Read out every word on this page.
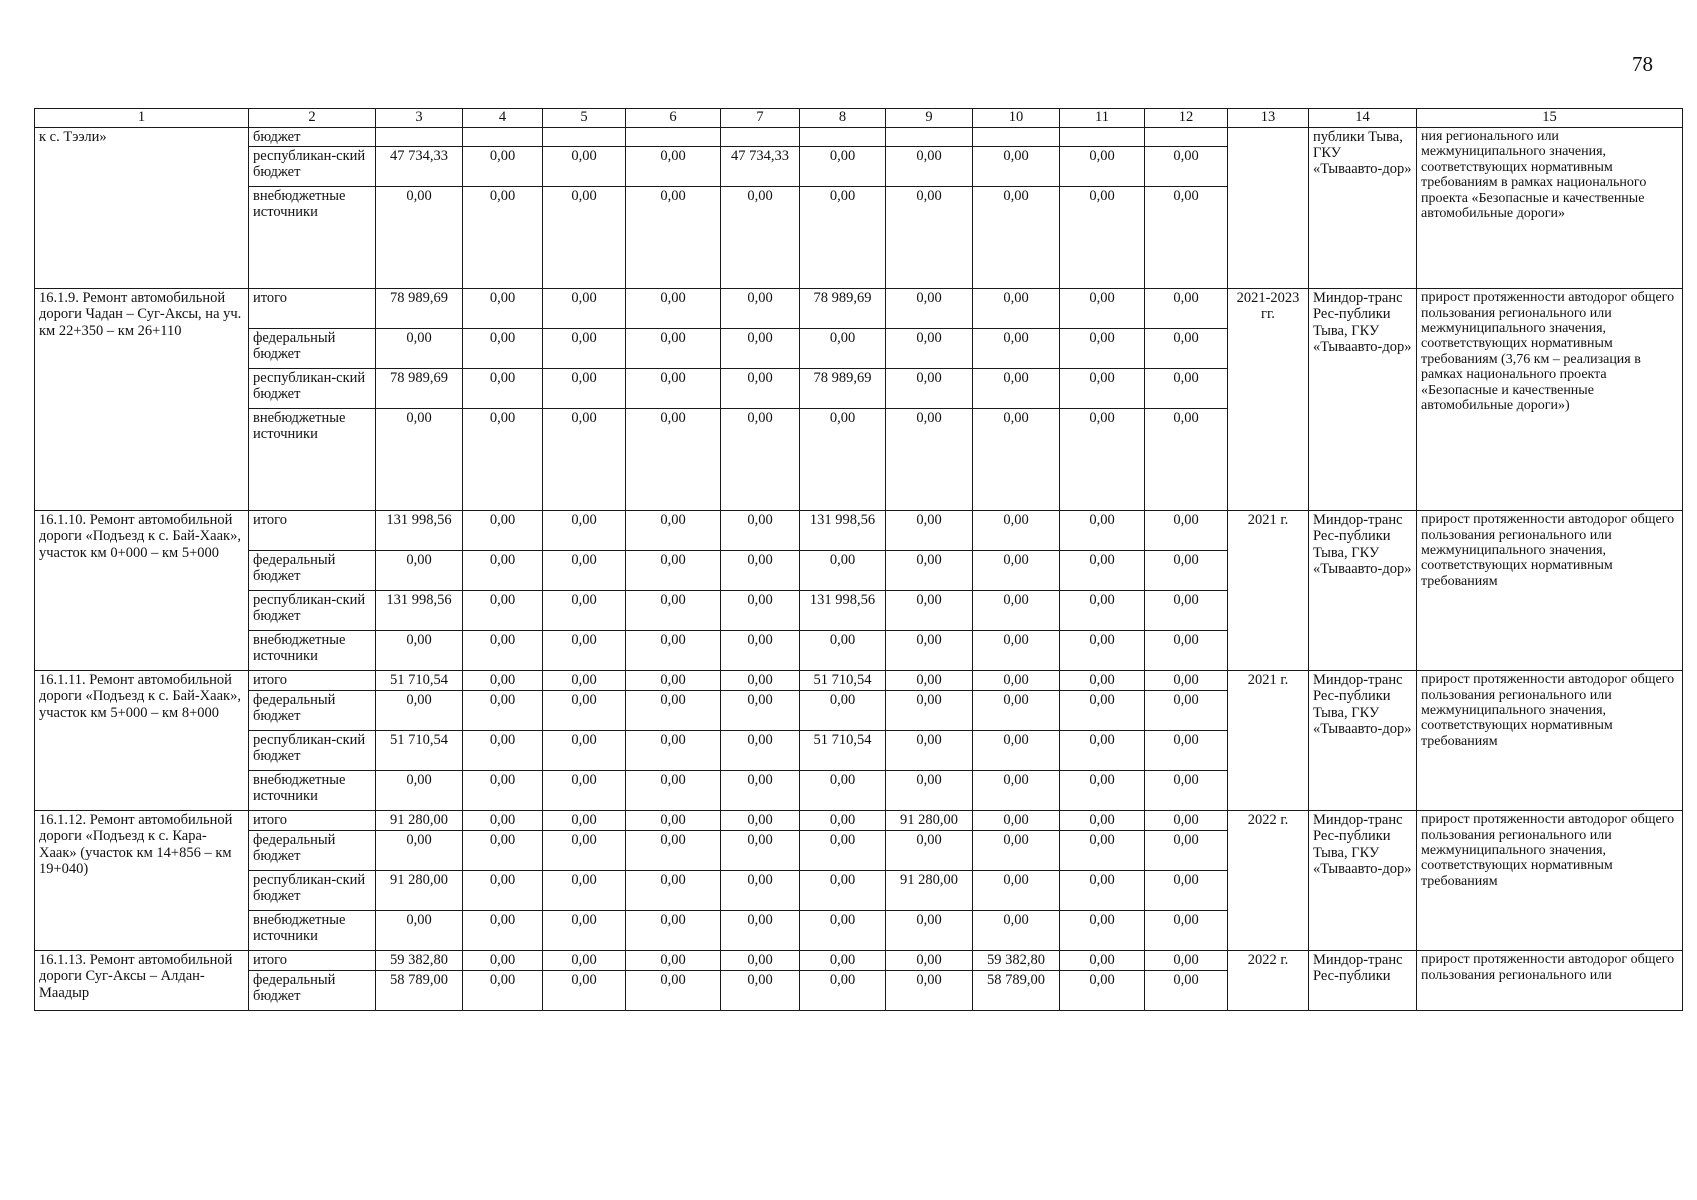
78
1	2	3	4	5	6	7	8	9	10	11	12	13	14	15
к с. Тээли»	бюджет												публики Тыва, ГКУ «Тываавто-дор»	ния регионального или межмуниципального значения, соответствующих нормативным требованиям в рамках национального проекта «Безопасные и качественные автомобильные дороги»
	республикан-ский бюджет	47 734,33	0,00	0,00	0,00	47 734,33	0,00	0,00	0,00	0,00	0,00			
	внебюджетные источники	0,00	0,00	0,00	0,00	0,00	0,00	0,00	0,00	0,00	0,00			
16.1.9. Ремонт автомобильной дороги Чадан – Суг-Аксы, на уч. км 22+350 – км 26+110	итого	78 989,69	0,00	0,00	0,00	0,00	78 989,69	0,00	0,00	0,00	0,00	2021-2023 гг.	Миндор-транс Рес-публики Тыва, ГКУ «Тываавто-дор»	прирост протяженности автодорог общего пользования регионального или межмуниципального значения, соответствующих нормативным требованиям (3,76 км – реализация в рамках национального проекта «Безопасные и качественные автомобильные дороги»)
	федеральный бюджет	0,00	0,00	0,00	0,00	0,00	0,00	0,00	0,00	0,00	0,00			
	республикан-ский бюджет	78 989,69	0,00	0,00	0,00	0,00	78 989,69	0,00	0,00	0,00	0,00			
	внебюджетные источники	0,00	0,00	0,00	0,00	0,00	0,00	0,00	0,00	0,00	0,00			
16.1.10. Ремонт автомобильной дороги «Подъезд к с. Бай-Хаак», участок км 0+000 – км 5+000	итого	131 998,56	0,00	0,00	0,00	0,00	131 998,56	0,00	0,00	0,00	0,00	2021 г.	Миндор-транс Рес-публики Тыва, ГКУ «Тываавто-дор»	прирост протяженности автодорог общего пользования регионального или межмуниципального значения, соответствующих нормативным требованиям
	федеральный бюджет	0,00	0,00	0,00	0,00	0,00	0,00	0,00	0,00	0,00	0,00			
	республикан-ский бюджет	131 998,56	0,00	0,00	0,00	0,00	131 998,56	0,00	0,00	0,00	0,00			
	внебюджетные источники	0,00	0,00	0,00	0,00	0,00	0,00	0,00	0,00	0,00	0,00			
16.1.11. Ремонт автомобильной дороги «Подъезд к с. Бай-Хаак», участок км 5+000 – км 8+000	итого	51 710,54	0,00	0,00	0,00	0,00	51 710,54	0,00	0,00	0,00	0,00	2021 г.	Миндор-транс Рес-публики Тыва, ГКУ «Тываавто-дор»	прирост протяженности автодорог общего пользования регионального или межмуниципального значения, соответствующих нормативным требованиям
	федеральный бюджет	0,00	0,00	0,00	0,00	0,00	0,00	0,00	0,00	0,00	0,00			
	республикан-ский бюджет	51 710,54	0,00	0,00	0,00	0,00	51 710,54	0,00	0,00	0,00	0,00			
	внебюджетные источники	0,00	0,00	0,00	0,00	0,00	0,00	0,00	0,00	0,00	0,00			
16.1.12. Ремонт автомобильной дороги «Подъезд к с. Кара-Хаак» (участок км 14+856 – км 19+040)	итого	91 280,00	0,00	0,00	0,00	0,00	0,00	91 280,00	0,00	0,00	0,00	2022 г.	Миндор-транс Рес-публики Тыва, ГКУ «Тываавто-дор»	прирост протяженности автодорог общего пользования регионального или межмуниципального значения, соответствующих нормативным требованиям
	федеральный бюджет	0,00	0,00	0,00	0,00	0,00	0,00	0,00	0,00	0,00	0,00			
	республикан-ский бюджет	91 280,00	0,00	0,00	0,00	0,00	0,00	91 280,00	0,00	0,00	0,00			
	внебюджетные источники	0,00	0,00	0,00	0,00	0,00	0,00	0,00	0,00	0,00	0,00			
16.1.13. Ремонт автомобильной дороги Суг-Аксы – Алдан-Маадыр	итого	59 382,80	0,00	0,00	0,00	0,00	0,00	0,00	59 382,80	0,00	0,00	2022 г.	Миндор-транс Рес-публики	прирост протяженности автодорог общего пользования регионального или
	федеральный бюджет	58 789,00	0,00	0,00	0,00	0,00	0,00	0,00	58 789,00	0,00	0,00			
